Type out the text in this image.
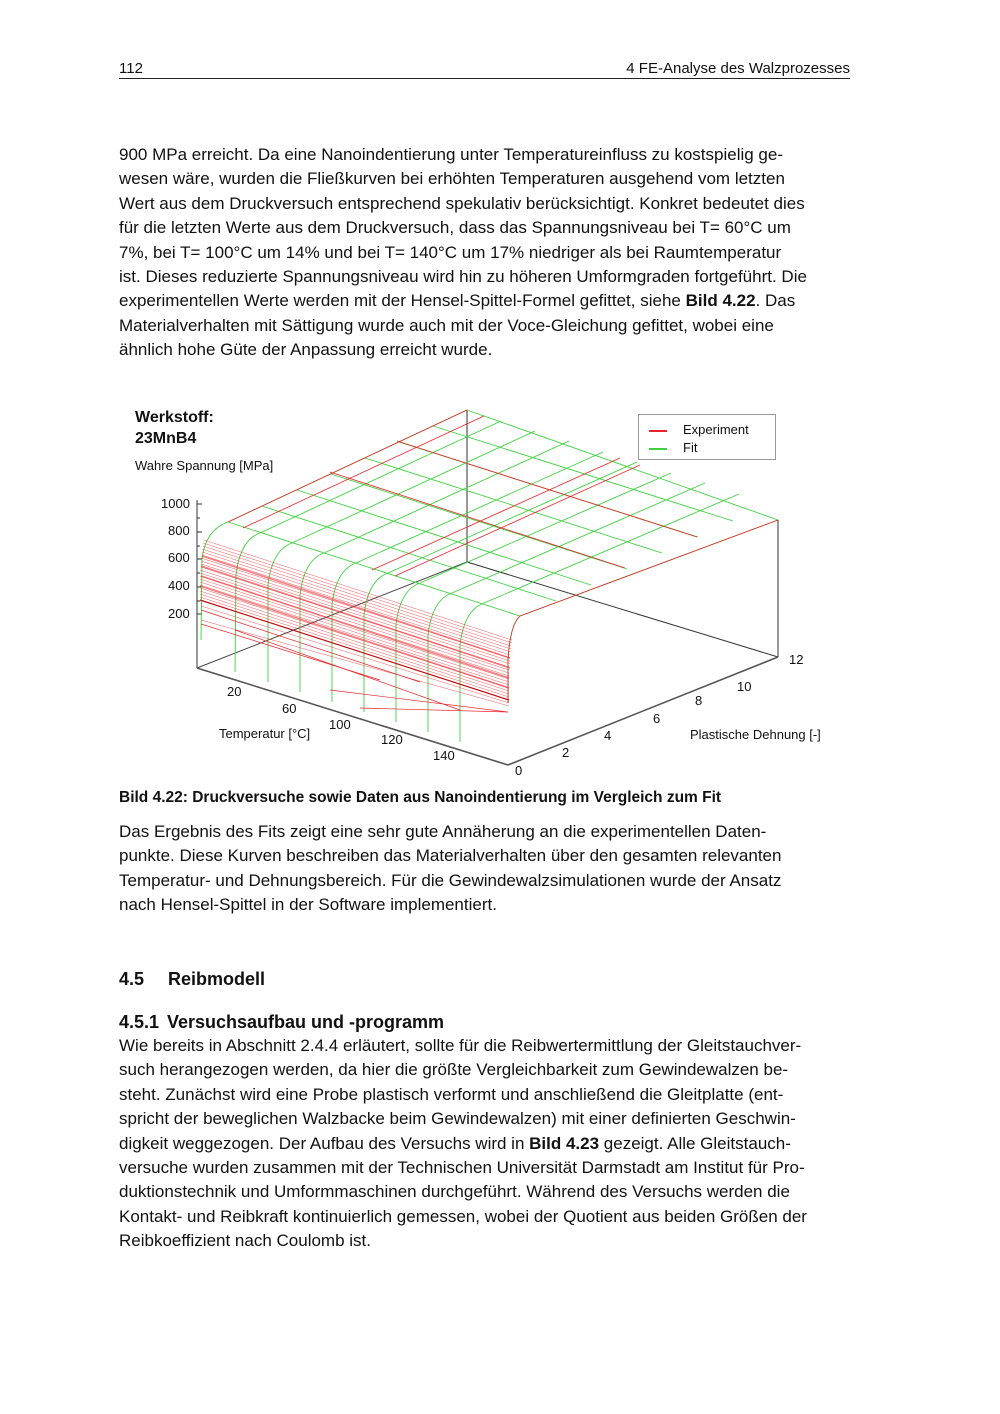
112	4 FE-Analyse des Walzprozesses
900 MPa erreicht. Da eine Nanoindentierung unter Temperatureinfluss zu kostspielig ge-
wesen wäre, wurden die Fließkurven bei erhöhten Temperaturen ausgehend vom letzten
Wert aus dem Druckversuch entsprechend spekulativ berücksichtigt. Konkret bedeutet dies
für die letzten Werte aus dem Druckversuch, dass das Spannungsniveau bei T= 60°C um
7%, bei T= 100°C um 14% und bei T= 140°C um 17% niedriger als bei Raumtemperatur
ist. Dieses reduzierte Spannungsniveau wird hin zu höheren Umformgraden fortgeführt. Die
experimentellen Werte werden mit der Hensel-Spittel-Formel gefittet, siehe Bild 4.22. Das
Materialverhalten mit Sättigung wurde auch mit der Voce-Gleichung gefittet, wobei eine
ähnlich hohe Güte der Anpassung erreicht wurde.
Werkstoff:
23MnB4
Wahre Spannung [MPa]
1000
800
600
400
200
20
60
100
120
140
Temperatur [°C]
0
2
4
6
8
10
12
Plastische Dehnung [-]
Experiment
Fit
Bild 4.22: Druckversuche sowie Daten aus Nanoindentierung im Vergleich zum Fit
Das Ergebnis des Fits zeigt eine sehr gute Annäherung an die experimentellen Daten-
punkte. Diese Kurven beschreiben das Materialverhalten über den gesamten relevanten
Temperatur- und Dehnungsbereich. Für die Gewindewalzsimulationen wurde der Ansatz
nach Hensel-Spittel in der Software implementiert.
4.5 Reibmodell
4.5.1 Versuchsaufbau und -programm
Wie bereits in Abschnitt 2.4.4 erläutert, sollte für die Reibwertermittlung der Gleitstauchver-
such herangezogen werden, da hier die größte Vergleichbarkeit zum Gewindewalzen be-
steht. Zunächst wird eine Probe plastisch verformt und anschließend die Gleitplatte (ent-
spricht der beweglichen Walzbacke beim Gewindewalzen) mit einer definierten Geschwin-
digkeit weggezogen. Der Aufbau des Versuchs wird in Bild 4.23 gezeigt. Alle Gleitstauch-
versuche wurden zusammen mit der Technischen Universität Darmstadt am Institut für Pro-
duktionstechnik und Umformmaschinen durchgeführt. Während des Versuchs werden die
Kontakt- und Reibkraft kontinuierlich gemessen, wobei der Quotient aus beiden Größen der
Reibkoeffizient nach Coulomb ist.
